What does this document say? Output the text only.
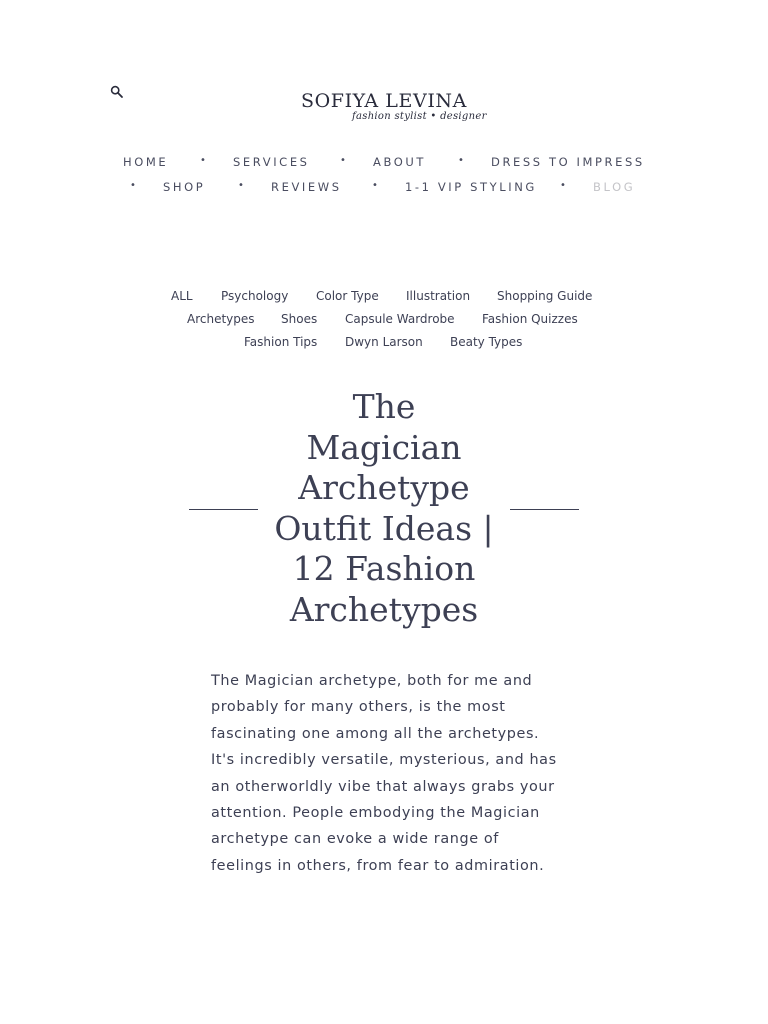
SOFIYA LEVINA
fashion stylist • designer
HOME	• SERVICES	• ABOUT	• DRESS TO IMPRESS
• SHOP	• REVIEWS	• 1-1 VIP STYLING • BLOG
ALL Psychology Color Type Illustration Shopping Guide
Archetypes Shoes Capsule Wardrobe Fashion Quizzes
Fashion Tips Dwyn Larson Beaty Types
The
Magician
Archetype
Outfit Ideas |
12 Fashion
Archetypes

The Magician archetype, both for me and probably for many others, is the most fascinating one among all the archetypes. It's incredibly versatile, mysterious, and has an otherworldly vibe that always grabs your attention. People embodying the Magician archetype can evoke a wide range of feelings in others, from fear to admiration.
